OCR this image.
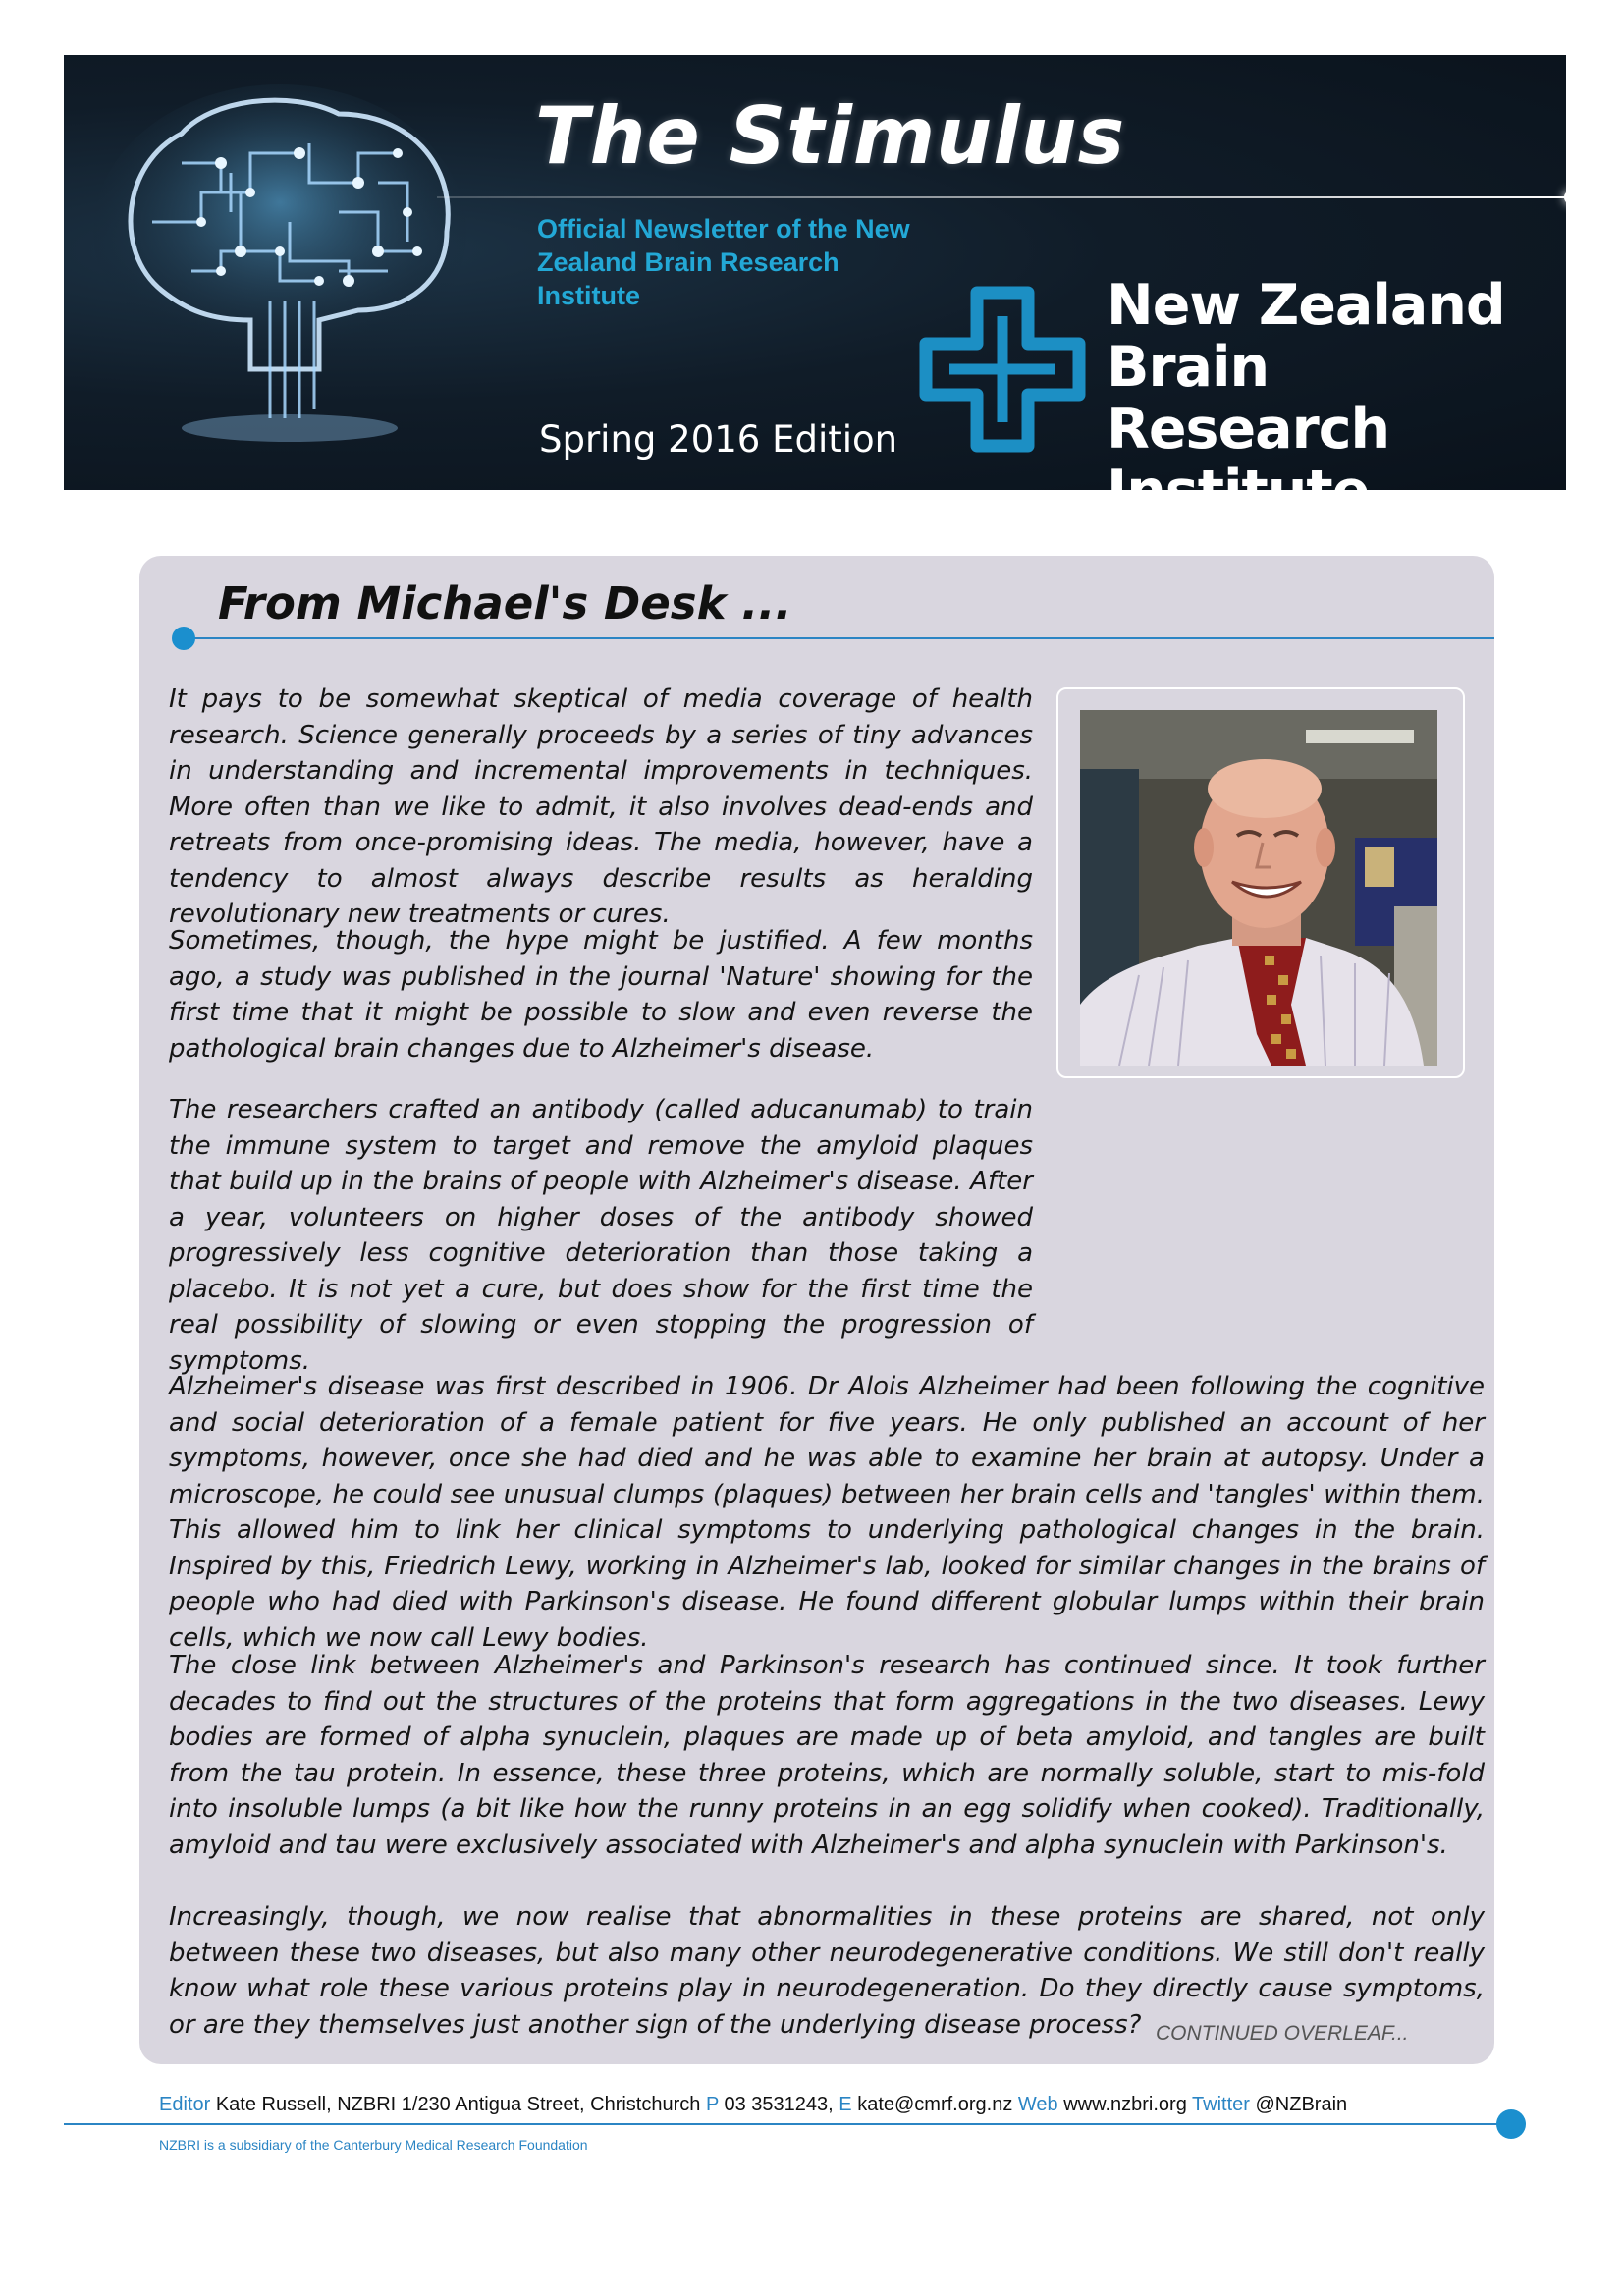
The Stimulus

Official Newsletter of the New Zealand Brain Research Institute

Spring 2016 Edition

New Zealand
Brain Research
Institute
From Michael's Desk ...

It pays to be somewhat skeptical of media coverage of health research. Science generally proceeds by a series of tiny advances in understanding and incremental improvements in techniques. More often than we like to admit, it also involves dead-ends and retreats from once-promising ideas. The media, however, have a tendency to almost always describe results as heralding revolutionary new treatments or cures.

Sometimes, though, the hype might be justified. A few months ago, a study was published in the journal 'Nature' showing for the first time that it might be possible to slow and even reverse the pathological brain changes due to Alzheimer's disease.

The researchers crafted an antibody (called aducanumab) to train the immune system to target and remove the amyloid plaques that build up in the brains of people with Alzheimer's disease. After a year, volunteers on higher doses of the antibody showed progressively less cognitive deterioration than those taking a placebo. It is not yet a cure, but does show for the first time the real possibility of slowing or even stopping the progression of symptoms.

Alzheimer's disease was first described in 1906. Dr Alois Alzheimer had been following the cognitive and social deterioration of a female patient for five years. He only published an account of her symptoms, however, once she had died and he was able to examine her brain at autopsy. Under a microscope, he could see unusual clumps (plaques) between her brain cells and 'tangles' within them. This allowed him to link her clinical symptoms to underlying pathological changes in the brain. Inspired by this, Friedrich Lewy, working in Alzheimer's lab, looked for similar changes in the brains of people who had died with Parkinson's disease. He found different globular lumps within their brain cells, which we now call Lewy bodies.

The close link between Alzheimer's and Parkinson's research has continued since. It took further decades to find out the structures of the proteins that form aggregations in the two diseases. Lewy bodies are formed of alpha synuclein, plaques are made up of beta amyloid, and tangles are built from the tau protein. In essence, these three proteins, which are normally soluble, start to mis-fold into insoluble lumps (a bit like how the runny proteins in an egg solidify when cooked). Traditionally, amyloid and tau were exclusively associated with Alzheimer's and alpha synuclein with Parkinson's.

Increasingly, though, we now realise that abnormalities in these proteins are shared, not only between these two diseases, but also many other neurodegenerative conditions. We still don't really know what role these various proteins play in neurodegeneration. Do they directly cause symptoms, or are they themselves just another sign of the underlying disease process? CONTINUED OVERLEAF...

Editor Kate Russell, NZBRI 1/230 Antigua Street, Christchurch P 03 3531243, E kate@cmrf.org.nz Web www.nzbri.org Twitter @NZBrain

NZBRI is a subsidiary of the Canterbury Medical Research Foundation
